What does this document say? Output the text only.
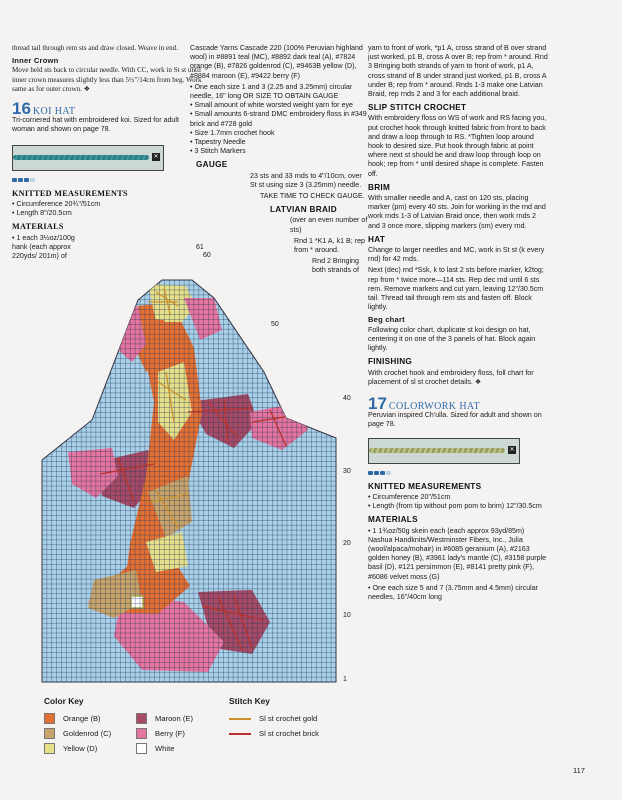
thread tail through rem sts and draw closed. Weave in end.

Inner Crown

Move held sts back to circular needle. With CC, work in St st until inner crown measures slightly less than 5½"/14cm from beg. Work same as for outer crown. ❖

16 KOI HAT

Tri-cornered hat with embroidered koi. Sized for adult woman and shown on page 78.

✕
KNITTED MEASUREMENTS
• Circumference 20¾"/51cm
• Length 8"/20.5cm
MATERIALS

• 1 each 3½oz/100g hank (each approx 220yds/ 201m) of

Cascade Yarns Cascade 220 (100% Peruvian highland wool) in #8891 teal (MC), #8892 dark teal (A), #7824 orange (B), #7826 goldenrod (C), #9463B yellow (D), #8884 maroon (E), #9422 berry (F)

• One each size 1 and 3 (2.25 and 3.25mm) circular needle, 16" long OR SIZE TO OBTAIN GAUGE
• Small amount of white worsted weight yarn for eye
• Small amounts 6-strand DMC embroidery floss in #349 brick and #728 gold
• Size 1.7mm crochet hook
• Tapestry Needle
• 3 Stitch Markers
GAUGE

23 sts and 33 rnds to 4"/10cm, over St st using size 3 (3.25mm) needle.

TAKE TIME TO CHECK GAUGE.

LATVIAN BRAID

(over an even number of sts)

Rnd 1 *K1 A, k1 B; rep from * around.

Rnd 2 Bringing both strands of

61
60
50
40
30
20
10
1
Color Key
Orange (B)	Maroon (E)
Goldenrod (C)	Berry (F)
Yellow (D)	White
Stitch Key
Sl st crochet gold
Sl st crochet brick

yarn to front of work, *p1 A, cross strand of B over strand just worked, p1 B, cross A over B; rep from * around. Rnd 3 Bringing both strands of yarn to front of work, p1 A, cross strand of B under strand just worked, p1 B, cross A under B; rep from * around. Rnds 1-3 make one Latvian Braid, rep rnds 2 and 3 for each additional braid.

SLIP STITCH CROCHET

With embroidery floss on WS of work and RS facing you, put crochet hook through knitted fabric from front to back and draw a loop through to RS. *Tighten loop around hook to desired size. Put hook through fabric at point where next st should be and draw loop through loop on hook; rep from * until desired shape is complete. Fasten off.

BRIM

With smaller needle and A, cast on 120 sts, placing marker (pm) every 40 sts. Join for working in the rnd and work rnds 1-3 of Latvian Braid once, then work rnds 2 and 3 once more, slipping markers (sm) every rnd.

HAT

Change to larger needles and MC, work in St st (k every rnd) for 42 rnds.

Next (dec) rnd *Ssk, k to last 2 sts before marker, k2tog; rep from * twice more—114 sts. Rep dec rnd until 6 sts rem. Remove markers and cut yarn, leaving 12"/30.5cm tail. Thread tail through rem sts and fasten off. Block lightly.

Beg chart

Following color chart, duplicate st koi design on hat, centering it on one of the 3 panels of hat. Block again lightly.

FINISHING

With crochet hook and embroidery floss, foll chart for placement of sl st crochet details. ❖

17 COLORWORK HAT

Peruvian inspired Ch'ulla. Sized for adult and shown on page 78.

✕
KNITTED MEASUREMENTS
• Circumference 20"/51cm
• Length (from tip without pom pom to brim) 12"/30.5cm
MATERIALS

• 1 1¾oz/50g skein each (each approx 93yd/85m) Nashua Handknits/Westminster Fibers, Inc., Julia (wool/alpaca/mohair) in #6085 geranium (A), #2163 golden honey (B), #3961 lady's mantle (C), #3158 purple basil (D), #121 persimmon (E), #8141 pretty pink (F), #6086 velvet moss (G)

• One each size 5 and 7 (3.75mm and 4.5mm) circular needles, 16"/40cm long

117
